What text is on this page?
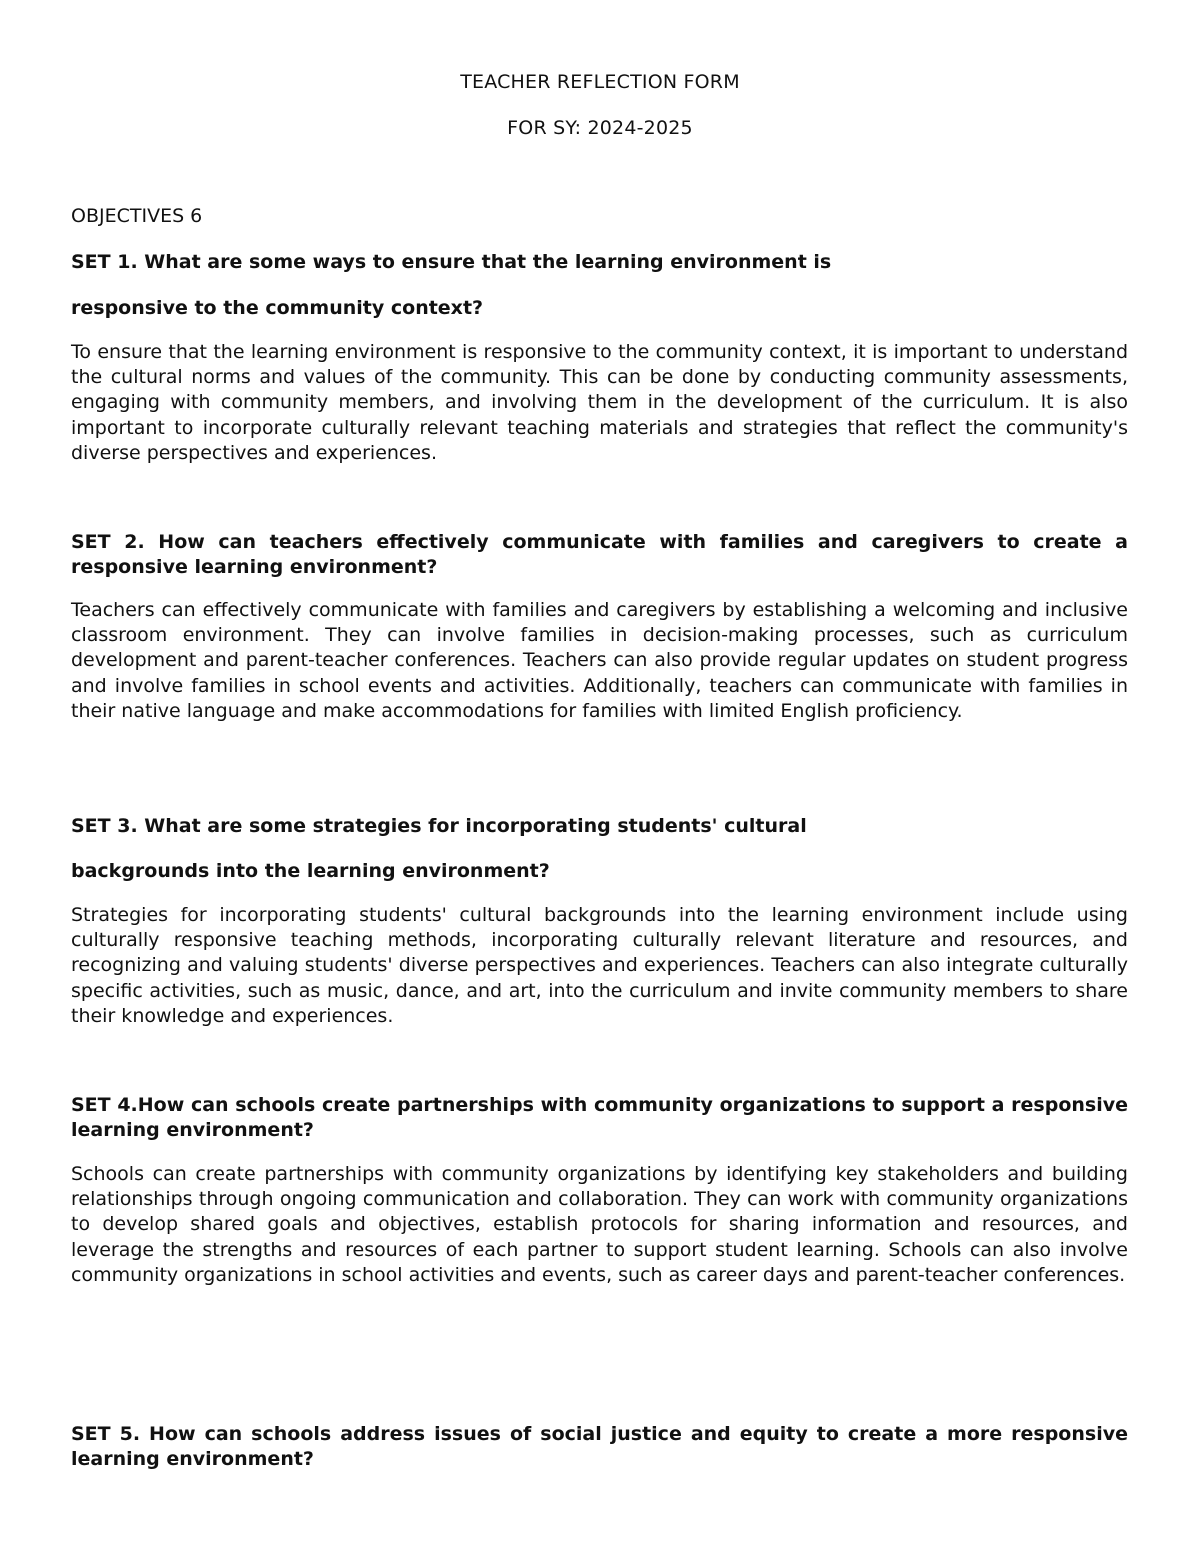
TEACHER REFLECTION FORM
FOR SY: 2024-2025

OBJECTIVES 6

SET 1. What are some ways to ensure that the learning environment is

responsive to the community context?

To ensure that the learning environment is responsive to the community context, it is important to understand the cultural norms and values of the community. This can be done by conducting community assessments, engaging with community members, and involving them in the development of the curriculum. It is also important to incorporate culturally relevant teaching materials and strategies that reflect the community's diverse perspectives and experiences.

SET 2. How can teachers effectively communicate with families and caregivers to create a responsive learning environment?

Teachers can effectively communicate with families and caregivers by establishing a welcoming and inclusive classroom environment. They can involve families in decision-making processes, such as curriculum development and parent-teacher conferences. Teachers can also provide regular updates on student progress and involve families in school events and activities. Additionally, teachers can communicate with families in their native language and make accommodations for families with limited English proficiency.

SET 3. What are some strategies for incorporating students' cultural

backgrounds into the learning environment?

Strategies for incorporating students' cultural backgrounds into the learning environment include using culturally responsive teaching methods, incorporating culturally relevant literature and resources, and recognizing and valuing students' diverse perspectives and experiences. Teachers can also integrate culturally specific activities, such as music, dance, and art, into the curriculum and invite community members to share their knowledge and experiences.

SET 4.How can schools create partnerships with community organizations to support a responsive learning environment?

Schools can create partnerships with community organizations by identifying key stakeholders and building relationships through ongoing communication and collaboration. They can work with community organizations to develop shared goals and objectives, establish protocols for sharing information and resources, and leverage the strengths and resources of each partner to support student learning. Schools can also involve community organizations in school activities and events, such as career days and parent-teacher conferences.

SET 5. How can schools address issues of social justice and equity to create a more responsive learning environment?
